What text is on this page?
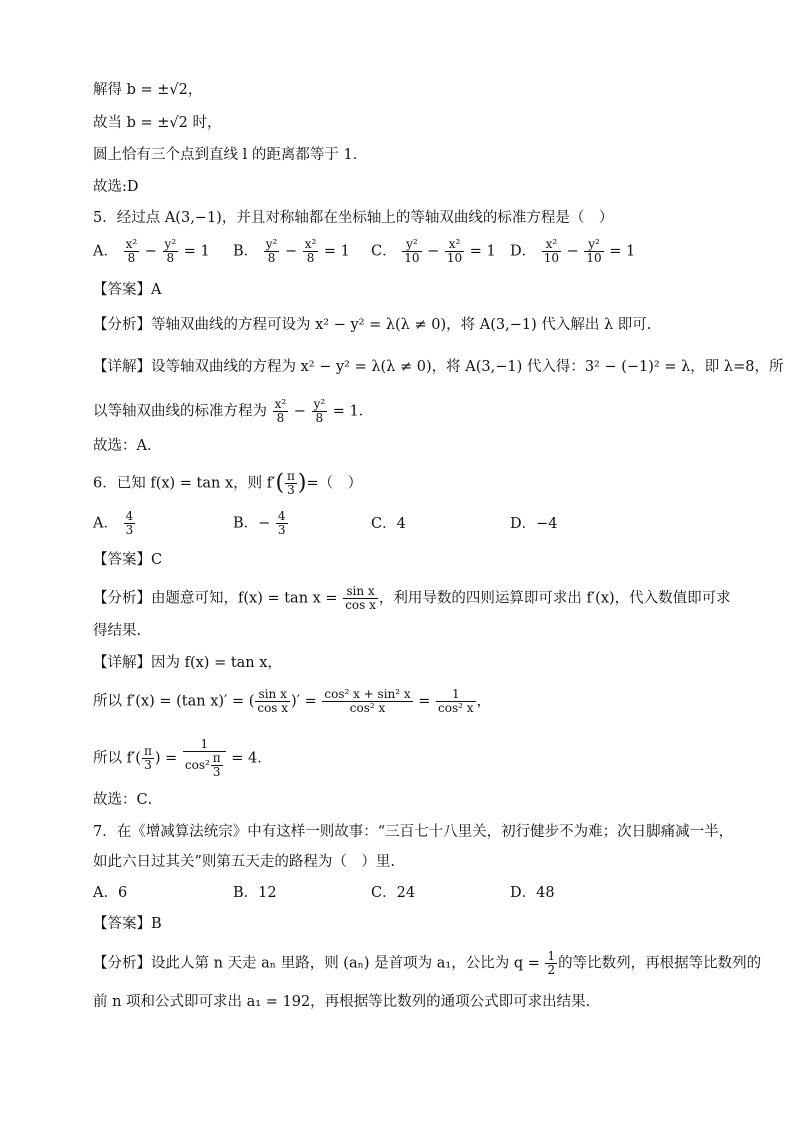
解得 b = ±√2，
故当 b = ±√2 时，
圆上恰有三个点到直线 l 的距离都等于 1．
故选:D
5．经过点 A(3,−1)，并且对称轴都在坐标轴上的等轴双曲线的标准方程是（　）
A． $\frac{\text{x²}}{8} - \frac{\text{y²}}{8} = 1$ B． $\frac{\text{y²}}{8} - \frac{\text{x²}}{8} = 1$ C． $\frac{\text{y²}}{10} - \frac{\text{x²}}{10} = 1$ D． $\frac{\text{x²}}{10} - \frac{\text{y²}}{10} = 1$
【答案】A
【分析】等轴双曲线的方程可设为 x² − y² = λ(λ ≠ 0)，将 A(3,−1) 代入解出 λ 即可.
【详解】设等轴双曲线的方程为 x² − y² = λ(λ ≠ 0)，将 A(3,−1) 代入得：3² − (−1)² = λ，即 λ=8，所
以等轴双曲线的标准方程为 $\frac{\text{x²}}{8} - \frac{\text{y²}}{8} = 1$．
故选：A．
6．已知 f(x) = tan x，则 $f'( \frac{\pi}{3}$ )=（　）
A． $\frac{4}{3}$	B．− $\frac{4}{3}$	C．4	D．−4
【答案】C
【分析】由题意可知，$f(x) = \tan x = \frac{\text{sin x}}{\text{cos x}}$ ，利用导数的四则运算即可求出 f′(x)，代入数值即可求
得结果.
【详解】因为 f(x) = tan x，
所以 f′(x) = (tan x)′ = ( $\frac{\text{sin x}}{\text{cos x}}$ )′ = $\frac{\text{cos² x + sin² x}}{\text{cos² x}} = \frac{1}{\text{cos² x}}$ ，
所以 $f'( \frac{\pi}{3}$ ) = $\frac{1}{\cos^2 \frac{\pi}{3}} = 4$．
故选：C．
7．在《增减算法统宗》中有这样一则故事：“三百七十八里关，初行健步不为难；次日脚痛减一半，
如此六日过其关”则第五天走的路程为（　）里.
A．6	B．12	C．24	D．48
【答案】B
【分析】设此人第 n 天走 aₙ 里路，则 (aₙ) 是首项为 a₁，公比为 $q = \frac{1}{2}$ 的等比数列，再根据等比数列的
前 n 项和公式即可求出 a₁ = 192，再根据等比数列的通项公式即可求出结果.
